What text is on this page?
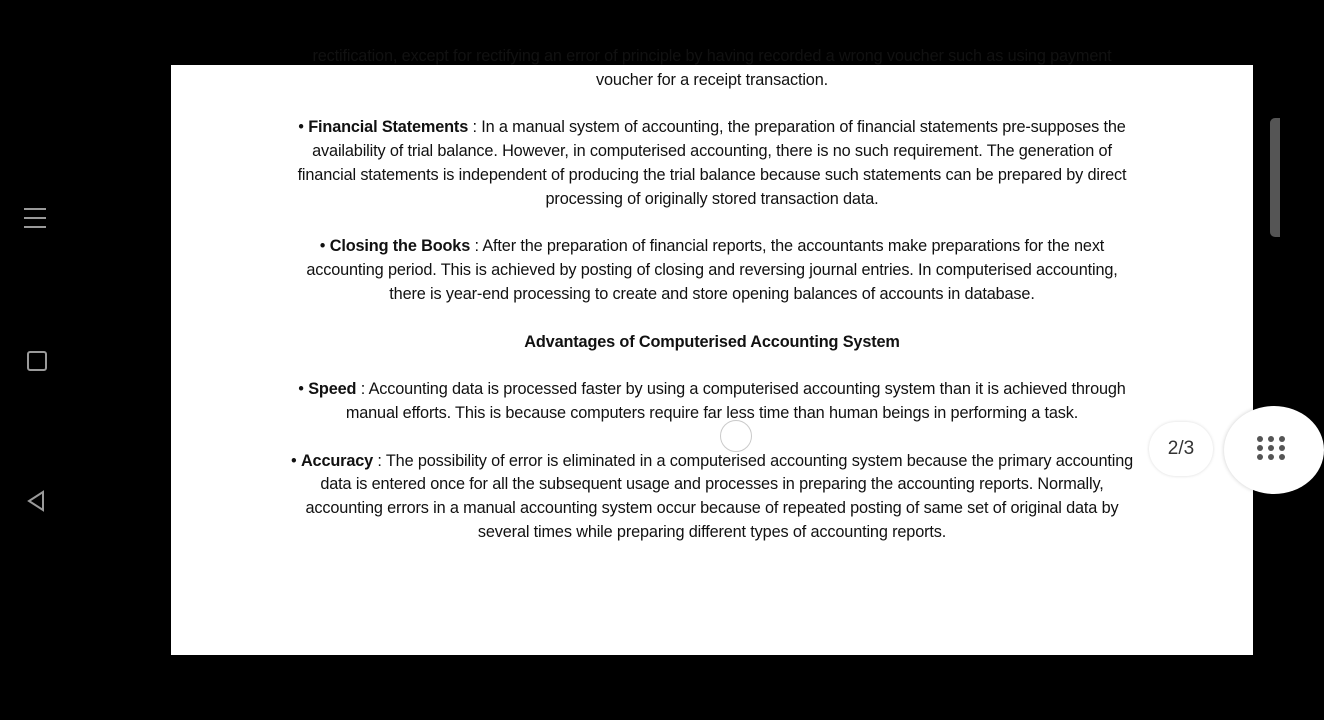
rectification, except for rectifying an error of principle by having recorded a wrong voucher such as using payment voucher for a receipt transaction.

• Financial Statements : In a manual system of accounting, the preparation of financial statements pre-supposes the availability of trial balance. However, in computerised accounting, there is no such requirement. The generation of financial statements is independent of producing the trial balance because such statements can be prepared by direct processing of originally stored transaction data.

• Closing the Books : After the preparation of financial reports, the accountants make preparations for the next accounting period. This is achieved by posting of closing and reversing journal entries. In computerised accounting, there is year-end processing to create and store opening balances of accounts in database.

Advantages of Computerised Accounting System

• Speed : Accounting data is processed faster by using a computerised accounting system than it is achieved through manual efforts. This is because computers require far less time than human beings in performing a task.

• Accuracy : The possibility of error is eliminated in a computerised accounting system because the primary accounting data is entered once for all the subsequent usage and processes in preparing the accounting reports. Normally, accounting errors in a manual accounting system occur because of repeated posting of same set of original data by several times while preparing different types of accounting reports.

2/3
